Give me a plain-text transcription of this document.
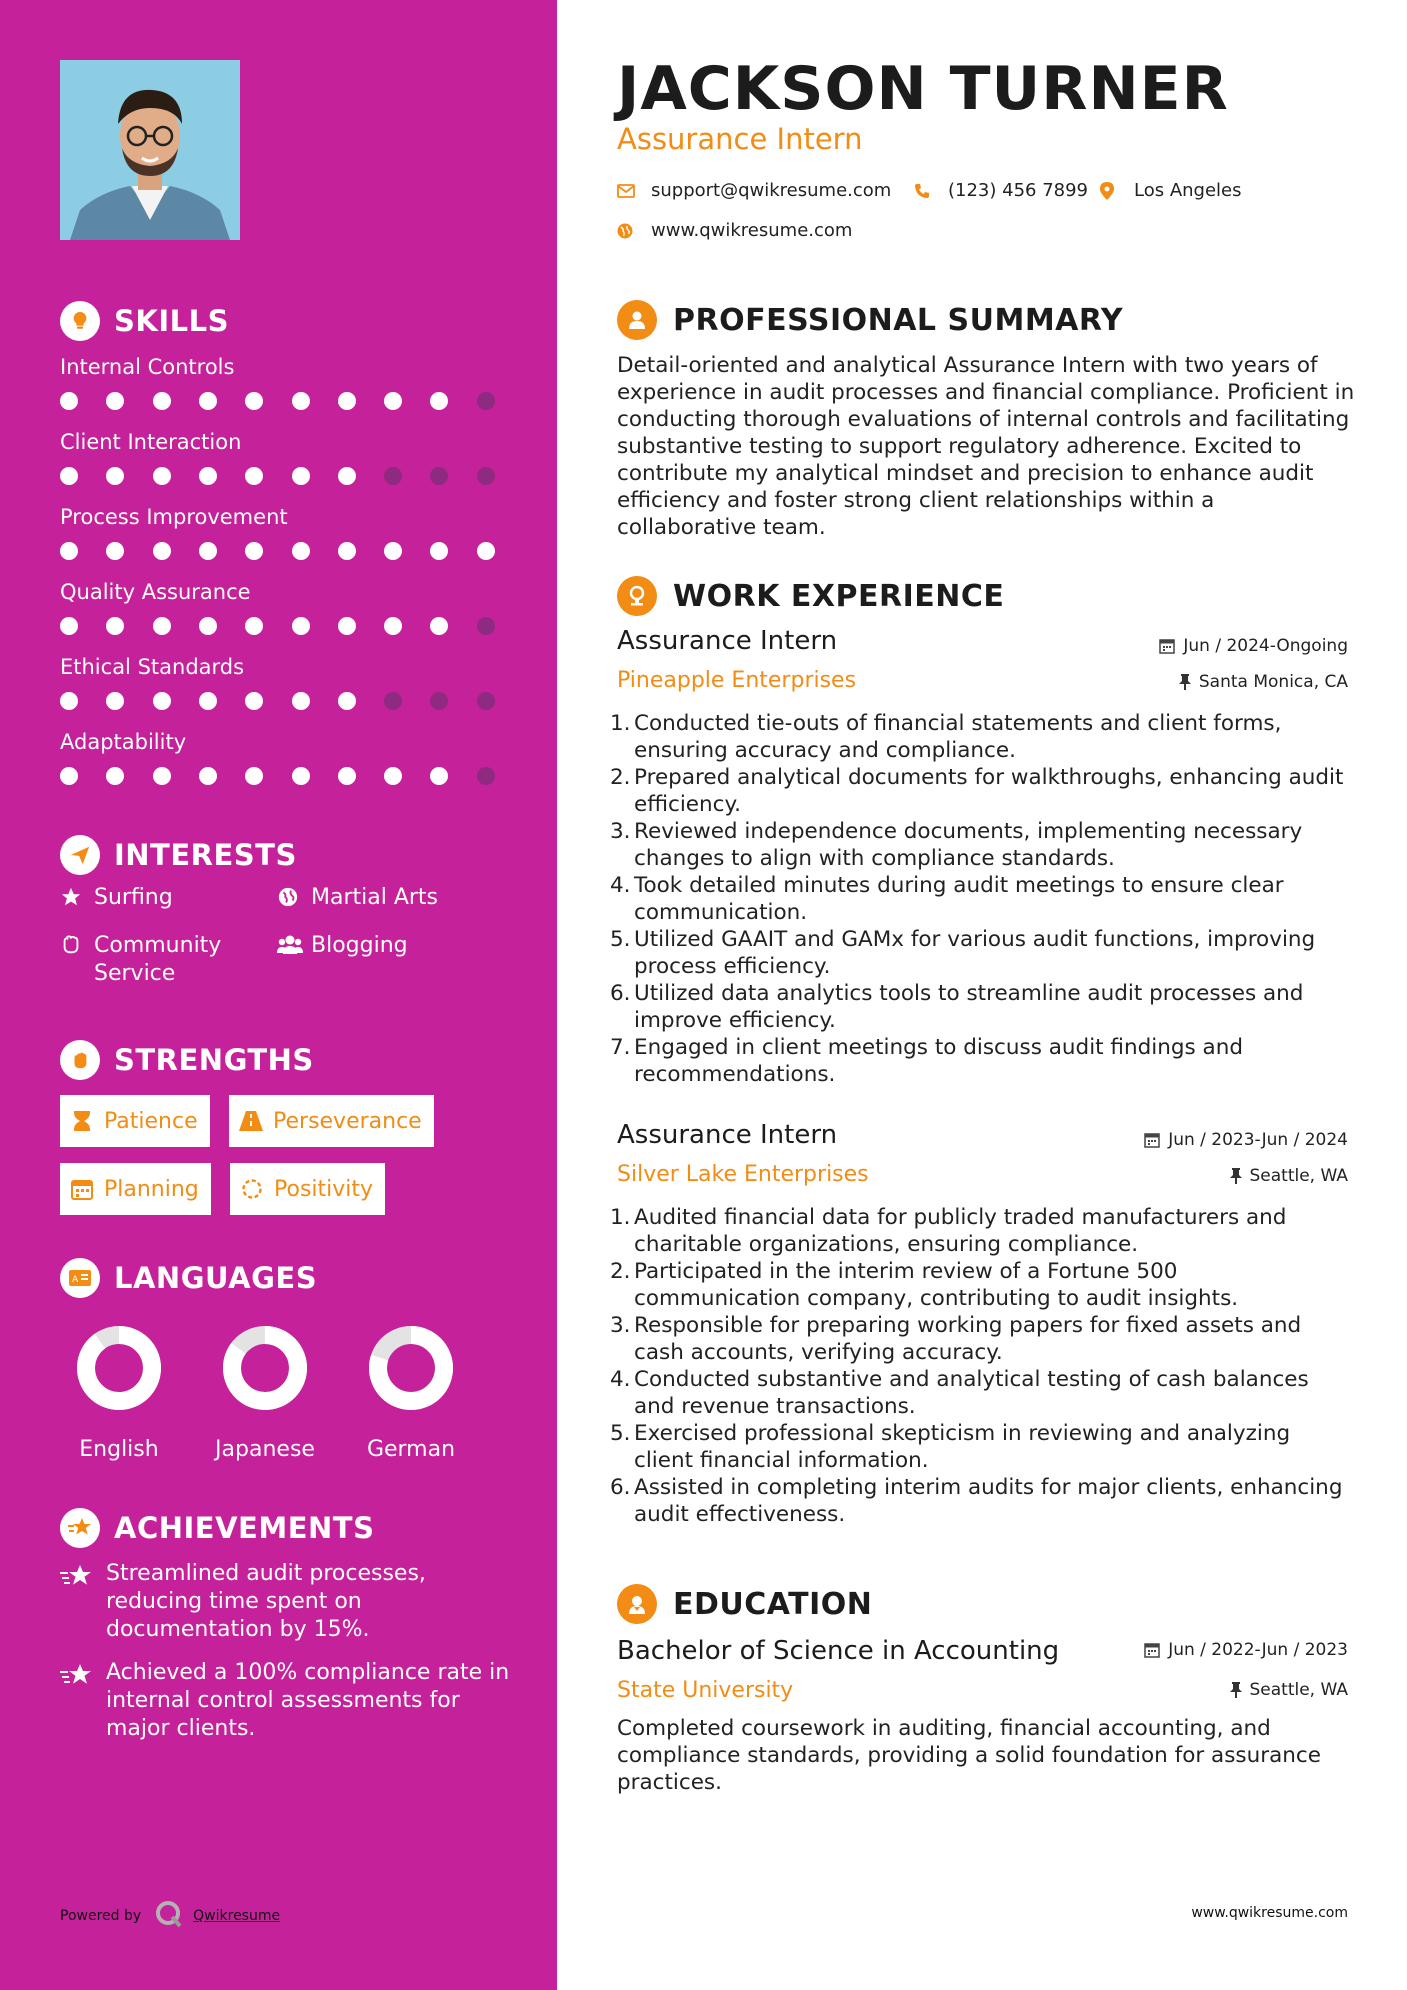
SKILLS
Internal Controls
Client Interaction
Process Improvement
Quality Assurance
Ethical Standards
Adaptability
INTERESTS
Surfing	Martial Arts
Community Service
Blogging
STRENGTHS
Patience	Perseverance
Planning	Positivity
A LANGUAGES
English	Japanese	German
ACHIEVEMENTS
Streamlined audit processes, reducing time spent on documentation by 15%.
Achieved a 100% compliance rate in internal control assessments for major clients.
Powered by	Qwikresume
JACKSON TURNER
Assurance Intern
support@qwikresume.com	(123) 456 7899	Los Angeles
www.qwikresume.com
PROFESSIONAL SUMMARY
Detail-oriented and analytical Assurance Intern with two years of experience in audit processes and financial compliance. Proficient in conducting thorough evaluations of internal controls and facilitating substantive testing to support regulatory adherence. Excited to contribute my analytical mindset and precision to enhance audit efficiency and foster strong client relationships within a collaborative team.
WORK EXPERIENCE
Assurance Intern	Jun / 2024-Ongoing
Pineapple Enterprises	Santa Monica, CA
1. Conducted tie-outs of financial statements and client forms, ensuring accuracy and compliance.
2. Prepared analytical documents for walkthroughs, enhancing audit efficiency.
3. Reviewed independence documents, implementing necessary changes to align with compliance standards.
4. Took detailed minutes during audit meetings to ensure clear communication.
5. Utilized GAAIT and GAMx for various audit functions, improving process efficiency.
6. Utilized data analytics tools to streamline audit processes and improve efficiency.
7. Engaged in client meetings to discuss audit findings and recommendations.
Assurance Intern	Jun / 2023-Jun / 2024
Silver Lake Enterprises	Seattle, WA
1. Audited financial data for publicly traded manufacturers and charitable organizations, ensuring compliance.
2. Participated in the interim review of a Fortune 500 communication company, contributing to audit insights.
3. Responsible for preparing working papers for fixed assets and cash accounts, verifying accuracy.
4. Conducted substantive and analytical testing of cash balances and revenue transactions.
5. Exercised professional skepticism in reviewing and analyzing client financial information.
6. Assisted in completing interim audits for major clients, enhancing audit effectiveness.
EDUCATION
Bachelor of Science in Accounting	Jun / 2022-Jun / 2023
State University	Seattle, WA
Completed coursework in auditing, financial accounting, and compliance standards, providing a solid foundation for assurance practices.
www.qwikresume.com
